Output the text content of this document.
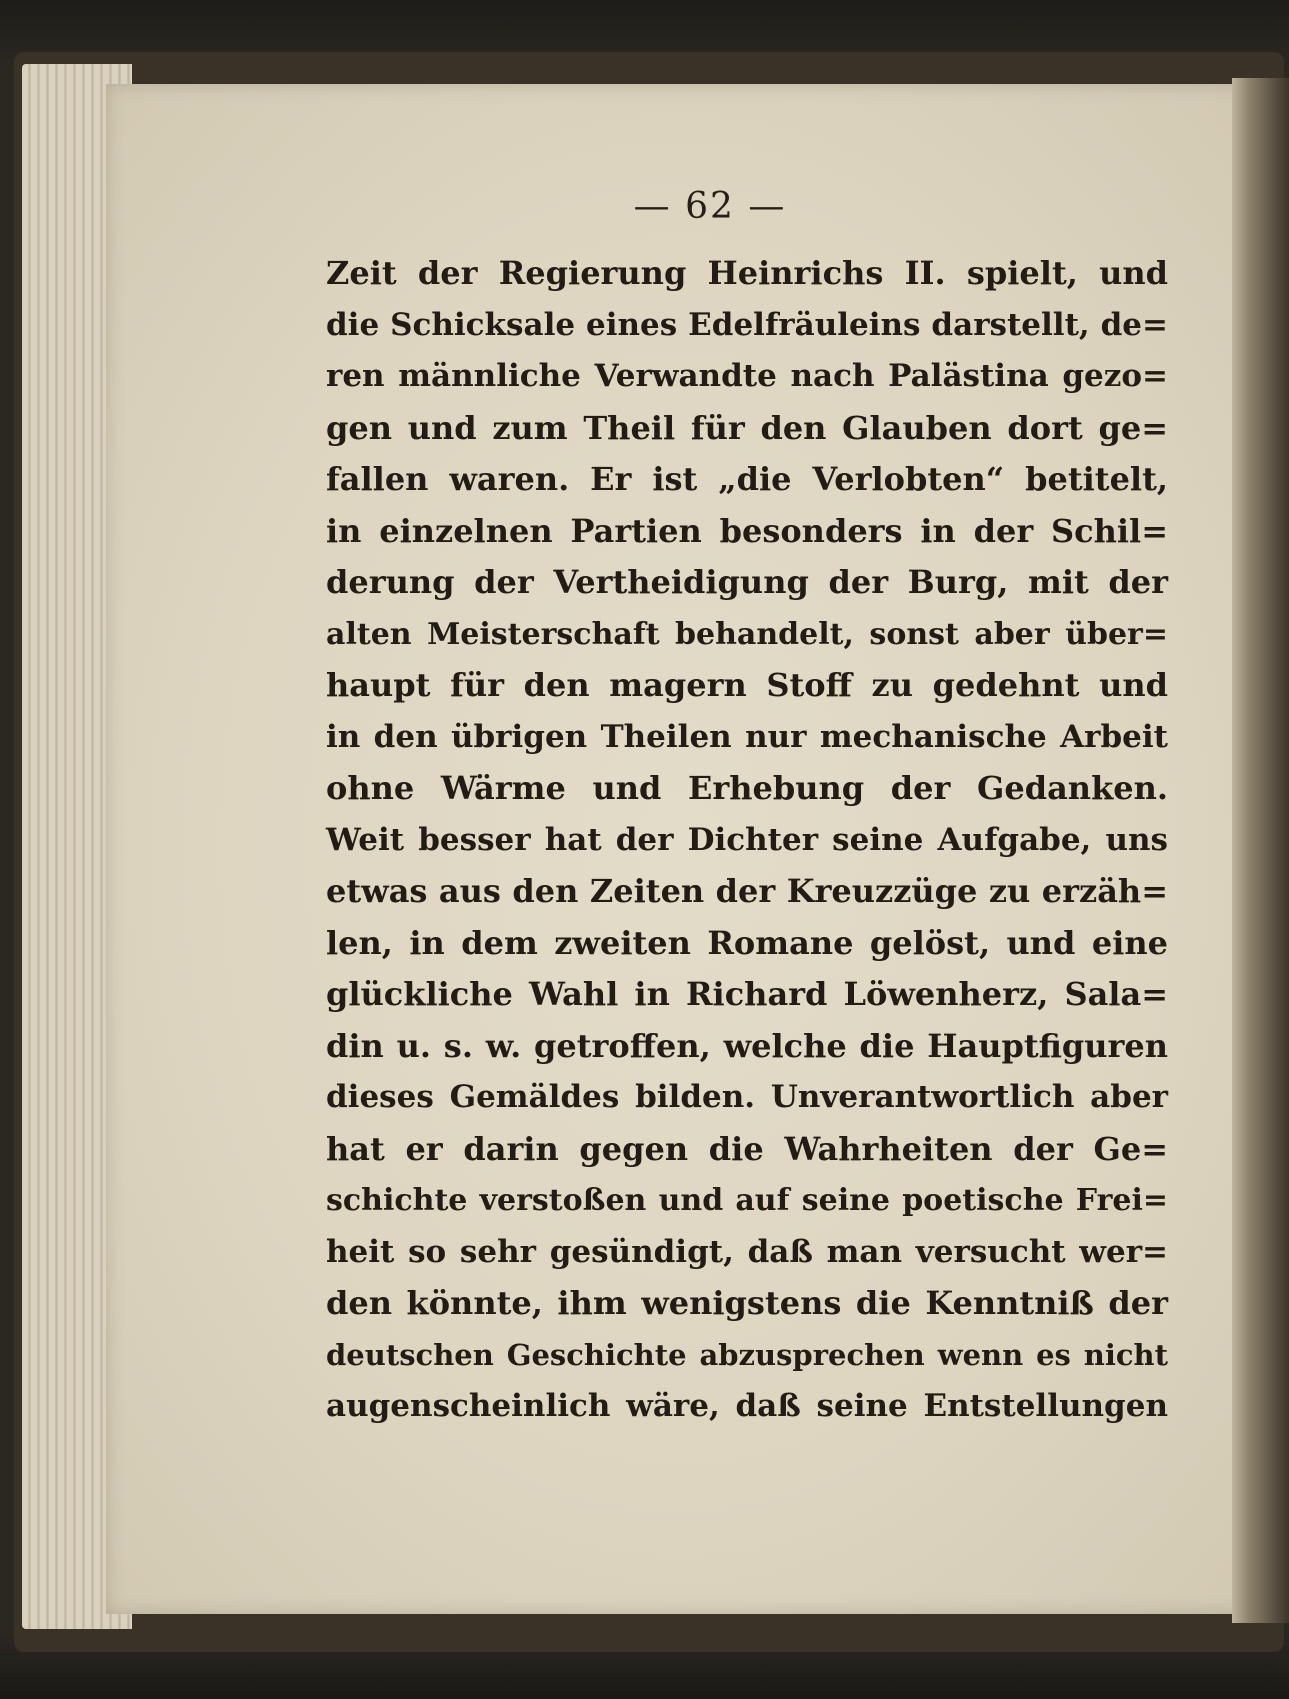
— 62 —
Zeit der Regierung Heinrichs II. spielt, und
die Schicksale eines Edelfräuleins darstellt, de=
ren männliche Verwandte nach Palästina gezo=
gen und zum Theil für den Glauben dort ge=
fallen waren. Er ist „die Verlobten“ betitelt,
in einzelnen Partien besonders in der Schil=
derung der Vertheidigung der Burg, mit der
alten Meisterschaft behandelt, sonst aber über=
haupt für den magern Stoff zu gedehnt und
in den übrigen Theilen nur mechanische Arbeit
ohne Wärme und Erhebung der Gedanken.
Weit besser hat der Dichter seine Aufgabe, uns
etwas aus den Zeiten der Kreuzzüge zu erzäh=
len, in dem zweiten Romane gelöst, und eine
glückliche Wahl in Richard Löwenherz, Sala=
din u. s. w. getroffen, welche die Hauptfiguren
dieses Gemäldes bilden. Unverantwortlich aber
hat er darin gegen die Wahrheiten der Ge=
schichte verstoßen und auf seine poetische Frei=
heit so sehr gesündigt, daß man versucht wer=
den könnte, ihm wenigstens die Kenntniß der
deutschen Geschichte abzusprechen wenn es nicht
augenscheinlich wäre, daß seine Entstellungen
